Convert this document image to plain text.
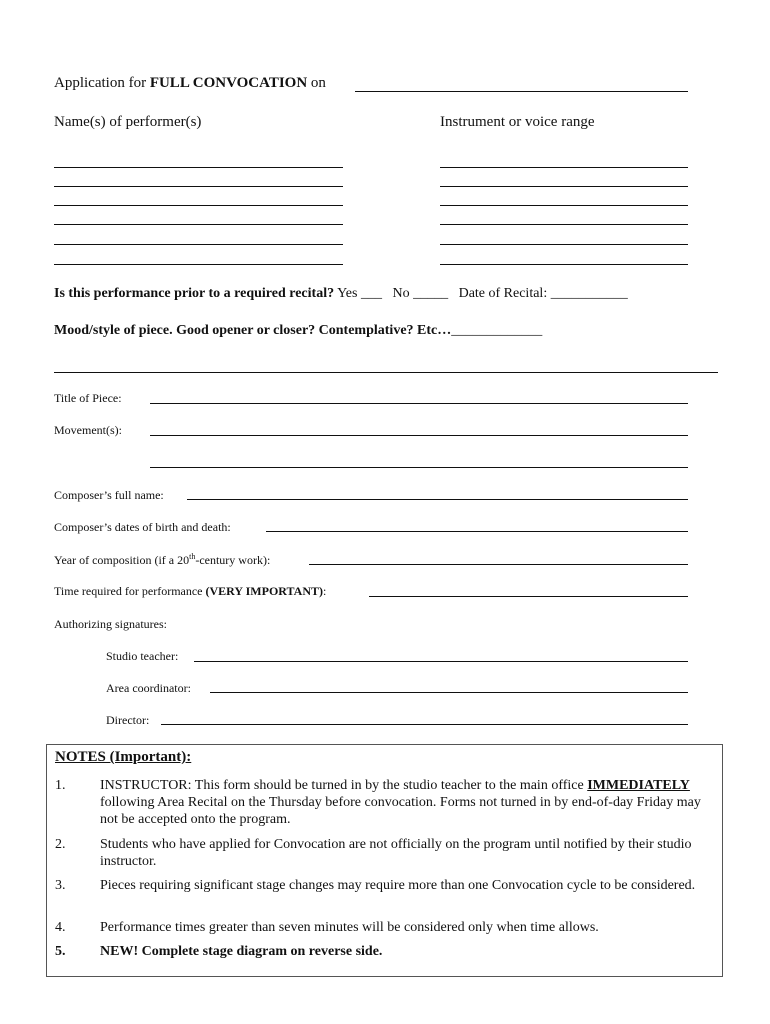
Application for FULL CONVOCATION on
Name(s) of performer(s)	Instrument or voice range
Is this performance prior to a required recital? Yes ___ No _____ Date of Recital: ___________
Mood/style of piece. Good opener or closer? Contemplative? Etc…_____________
Title of Piece:
Movement(s):
Composer’s full name:
Composer’s dates of birth and death:
Year of composition (if a 20th-century work):
Time required for performance (VERY IMPORTANT):
Authorizing signatures:
Studio teacher:
Area coordinator:
Director:
NOTES (Important):
1. INSTRUCTOR: This form should be turned in by the studio teacher to the main office IMMEDIATELY following Area Recital on the Thursday before convocation. Forms not turned in by end-of-day Friday may not be accepted onto the program.
2. Students who have applied for Convocation are not officially on the program until notified by their studio instructor.
3. Pieces requiring significant stage changes may require more than one Convocation cycle to be considered.
4. Performance times greater than seven minutes will be considered only when time allows.
5. NEW! Complete stage diagram on reverse side.
